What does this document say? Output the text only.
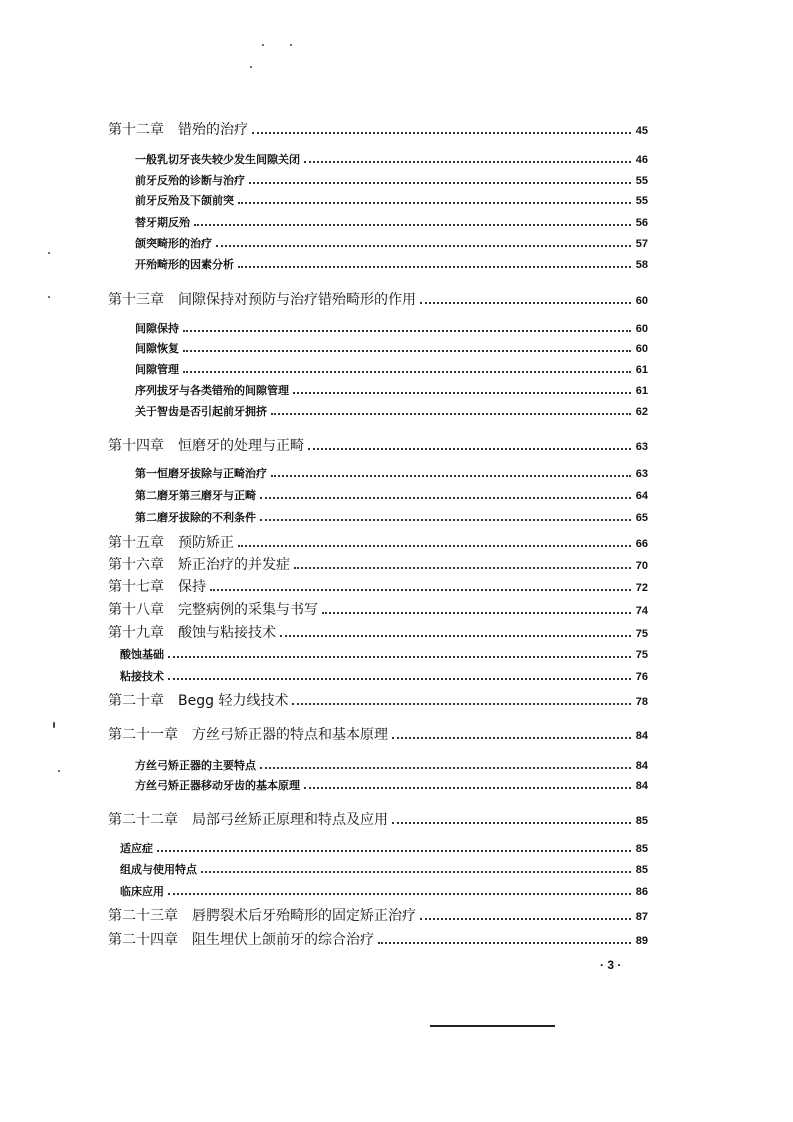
第十二章 错殆的治疗	45
一般乳切牙丧失较少发生间隙关闭	46
前牙反殆的诊断与治疗	55
前牙反殆及下颌前突	55
替牙期反殆	56
颌突畸形的治疗	57
开殆畸形的因素分析	58
第十三章 间隙保持对预防与治疗错殆畸形的作用	60
间隙保持	60
间隙恢复	60
间隙管理	61
序列拔牙与各类错殆的间隙管理	61
关于智齿是否引起前牙拥挤	62
第十四章 恒磨牙的处理与正畸	63
第一恒磨牙拔除与正畸治疗	63
第二磨牙第三磨牙与正畸	64
第二磨牙拔除的不利条件	65
第十五章 预防矫正	66
第十六章 矫正治疗的并发症	70
第十七章 保持	72
第十八章 完整病例的采集与书写	74
第十九章 酸蚀与粘接技术	75
酸蚀基础	75
粘接技术	76
第二十章 Begg 轻力线技术	78
第二十一章 方丝弓矫正器的特点和基本原理	84
方丝弓矫正器的主要特点	84
方丝弓矫正器移动牙齿的基本原理	84
第二十二章 局部弓丝矫正原理和特点及应用	85
适应症	85
组成与使用特点	85
临床应用	86
第二十三章 唇腭裂术后牙殆畸形的固定矫正治疗	87
第二十四章 阻生埋伏上颌前牙的综合治疗	89
· 3 ·
